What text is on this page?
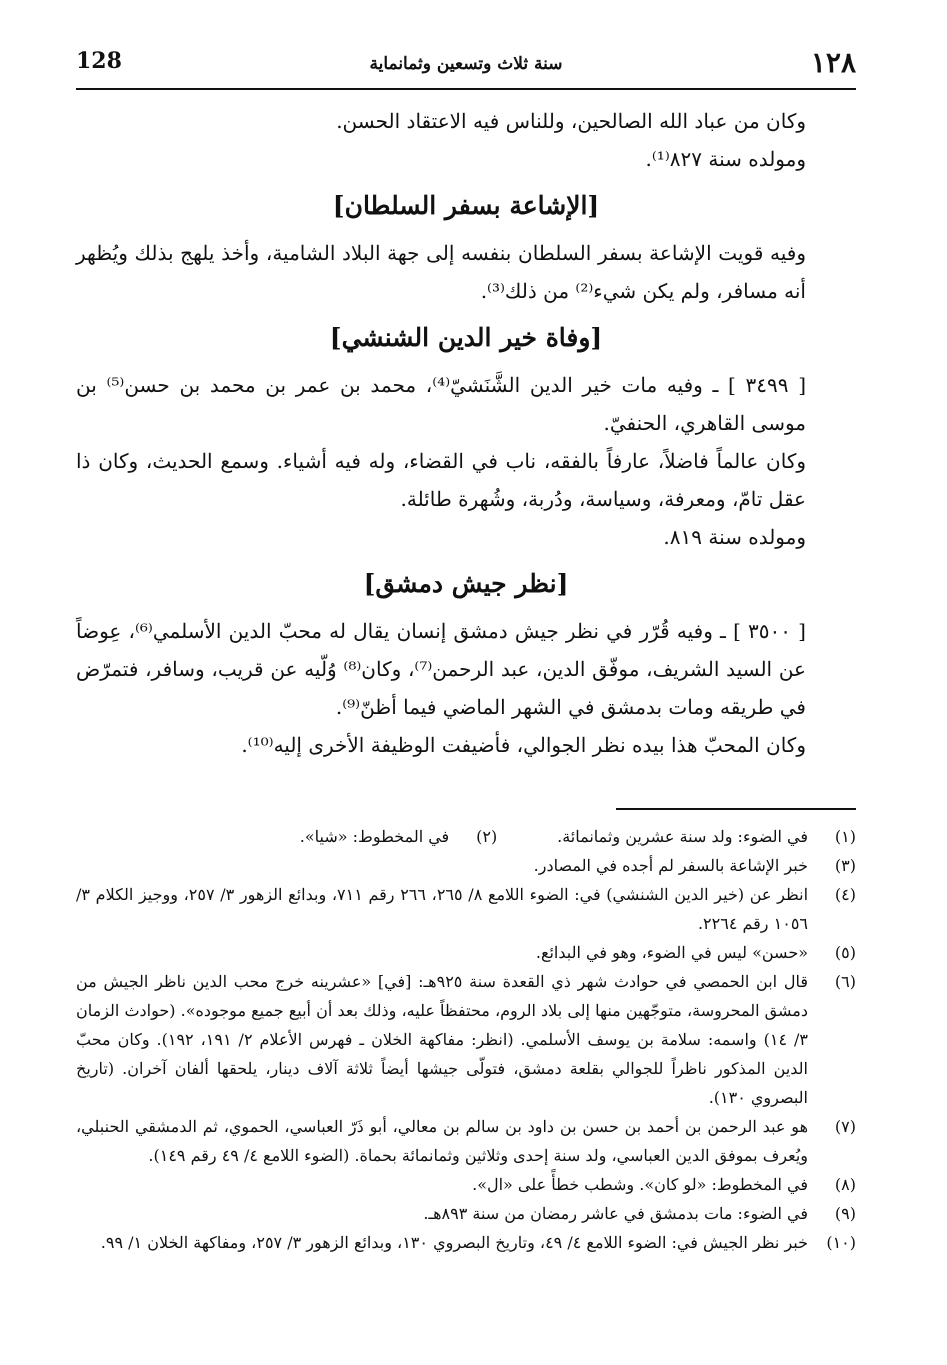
128	سنة ثلاث وتسعين وثمانماية	١٢٨

وكان من عباد الله الصالحين، وللناس فيه الاعتقاد الحسن.

ومولده سنة ٨٢٧⁽¹⁾.

[الإشاعة بسفر السلطان]

وفيه قويت الإشاعة بسفر السلطان بنفسه إلى جهة البلاد الشامية، وأخذ يلهج بذلك ويُظهر أنه مسافر، ولم يكن شيء⁽²⁾ من ذلك⁽³⁾.

[وفاة خير الدين الشنشي]

[ ٣٤٩٩ ] ـ وفيه مات خير الدين الشَّنَشيّ⁽⁴⁾، محمد بن عمر بن محمد بن حسن⁽⁵⁾ بن موسى القاهري، الحنفيّ.

وكان عالماً فاضلاً، عارفاً بالفقه، ناب في القضاء، وله فيه أشياء. وسمع الحديث، وكان ذا عقل تامّ، ومعرفة، وسياسة، ودُربة، وشُهرة طائلة.

ومولده سنة ٨١٩.

[نظر جيش دمشق]

[ ٣٥٠٠ ] ـ وفيه قُرّر في نظر جيش دمشق إنسان يقال له محبّ الدين الأسلمي⁽⁶⁾، عِوضاً عن السيد الشريف، موفّق الدين، عبد الرحمن⁽⁷⁾، وكان⁽⁸⁾ وُلّيه عن قريب، وسافر، فتمرّض في طريقه ومات بدمشق في الشهر الماضي فيما أظنّ⁽⁹⁾.

وكان المحبّ هذا بيده نظر الجوالي، فأضيفت الوظيفة الأخرى إليه⁽¹⁰⁾.

(١)
في الضوء: ولد سنة عشرين وثمانمائة.
(٢)
في المخطوط: «شيا».
(٣)
خبر الإشاعة بالسفر لم أجده في المصادر.
(٤)
انظر عن (خير الدين الشنشي) في: الضوء اللامع ٨/ ٢٦٥، ٢٦٦ رقم ٧١١، وبدائع الزهور ٣/ ٢٥٧، ووجيز الكلام ٣/ ١٠٥٦ رقم ٢٢٦٤.
(٥)
«حسن» ليس في الضوء، وهو في البدائع.
(٦)
قال ابن الحمصي في حوادث شهر ذي القعدة سنة ٩٢٥هـ: [في] «عشرينه خرج محب الدين ناظر الجيش من دمشق المحروسة، متوجّهين منها إلى بلاد الروم، محتفظاً عليه، وذلك بعد أن أبيع جميع موجوده». (حوادث الزمان ٣/ ١٤) واسمه: سلامة بن يوسف الأسلمي. (انظر: مفاكهة الخلان ـ فهرس الأعلام ٢/ ١٩١، ١٩٢). وكان محبّ الدين المذكور ناظراً للجوالي بقلعة دمشق، فتولّى جيشها أيضاً ثلاثة آلاف دينار، يلحقها ألفان آخران. (تاريخ البصروي ١٣٠).
(٧)
هو عبد الرحمن بن أحمد بن حسن بن داود بن سالم بن معالي، أبو ذَرّ العباسي، الحموي، ثم الدمشقي الحنبلي، ويُعرف بموفق الدين العباسي، ولد سنة إحدى وثلاثين وثمانمائة بحماة. (الضوء اللامع ٤/ ٤٩ رقم ١٤٩).
(٨)
في المخطوط: «لو كان». وشطب خطأً على «ال».
(٩)
في الضوء: مات بدمشق في عاشر رمضان من سنة ٨٩٣هـ.
(١٠)
خبر نظر الجيش في: الضوء اللامع ٤/ ٤٩، وتاريخ البصروي ١٣٠، وبدائع الزهور ٣/ ٢٥٧، ومفاكهة الخلان ١/ ٩٩.
